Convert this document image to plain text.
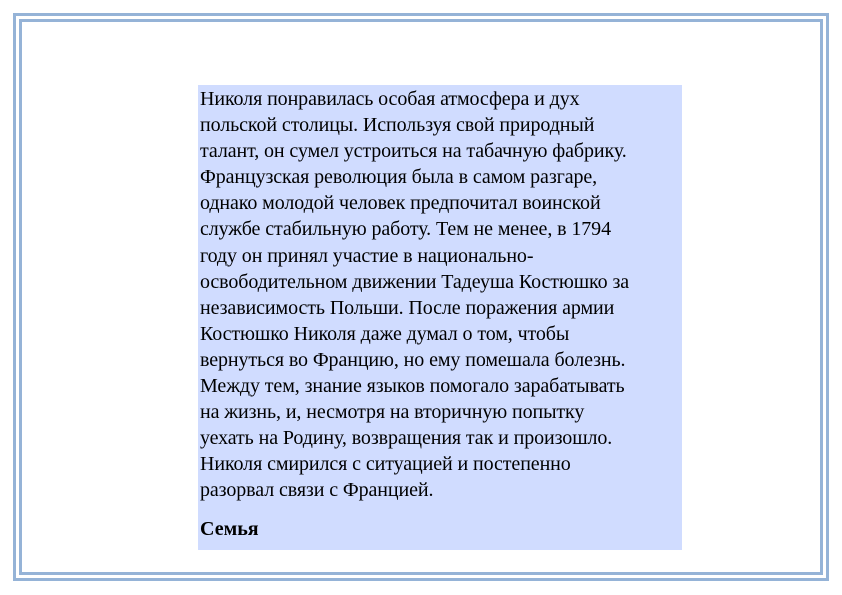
Николя понравилась особая атмосфера и дух
польской столицы. Используя свой природный
талант, он сумел устроиться на табачную фабрику.
Французская революция была в самом разгаре,
однако молодой человек предпочитал воинской
службе стабильную работу. Тем не менее, в 1794
году он принял участие в национально-
освободительном движении Тадеуша Костюшко за
независимость Польши. После поражения армии
Костюшко Николя даже думал о том, чтобы
вернуться во Францию, но ему помешала болезнь.
Между тем, знание языков помогало зарабатывать
на жизнь, и, несмотря на вторичную попытку
уехать на Родину, возвращения так и произошло.
Николя смирился с ситуацией и постепенно
разорвал связи с Францией.

Семья
